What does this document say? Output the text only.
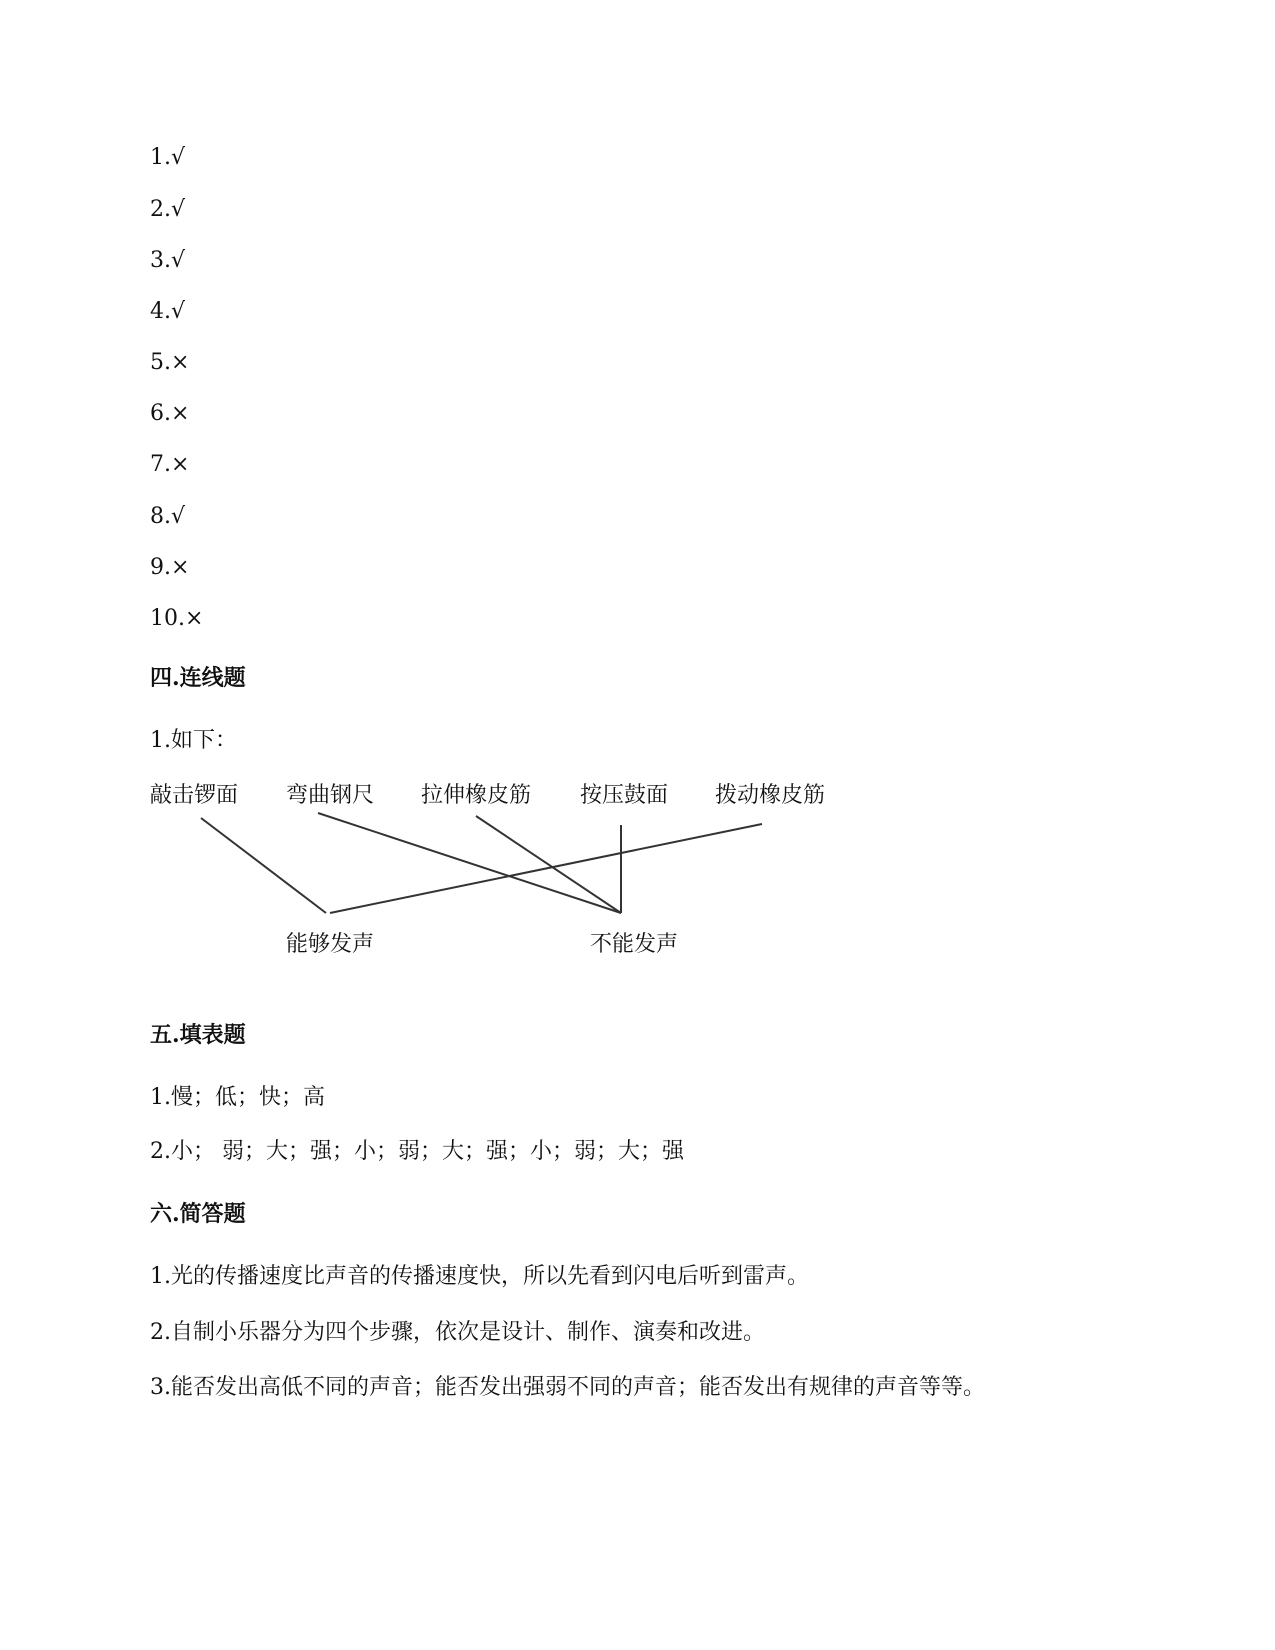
1.√
2.√
3.√
4.√
5.×
6.×
7.×
8.√
9.×
10.×
四.连线题
1.如下：
敲击锣面 弯曲钢尺 拉伸橡皮筋 按压鼓面 拨动橡皮筋
能够发声	不能发声
五.填表题
1.慢；低；快；高
2.小； 弱；大；强；小；弱；大；强；小；弱；大；强
六.简答题
1.光的传播速度比声音的传播速度快，所以先看到闪电后听到雷声。
2.自制小乐器分为四个步骤，依次是设计、制作、演奏和改进。
3.能否发出高低不同的声音；能否发出强弱不同的声音；能否发出有规律的声音等等。
